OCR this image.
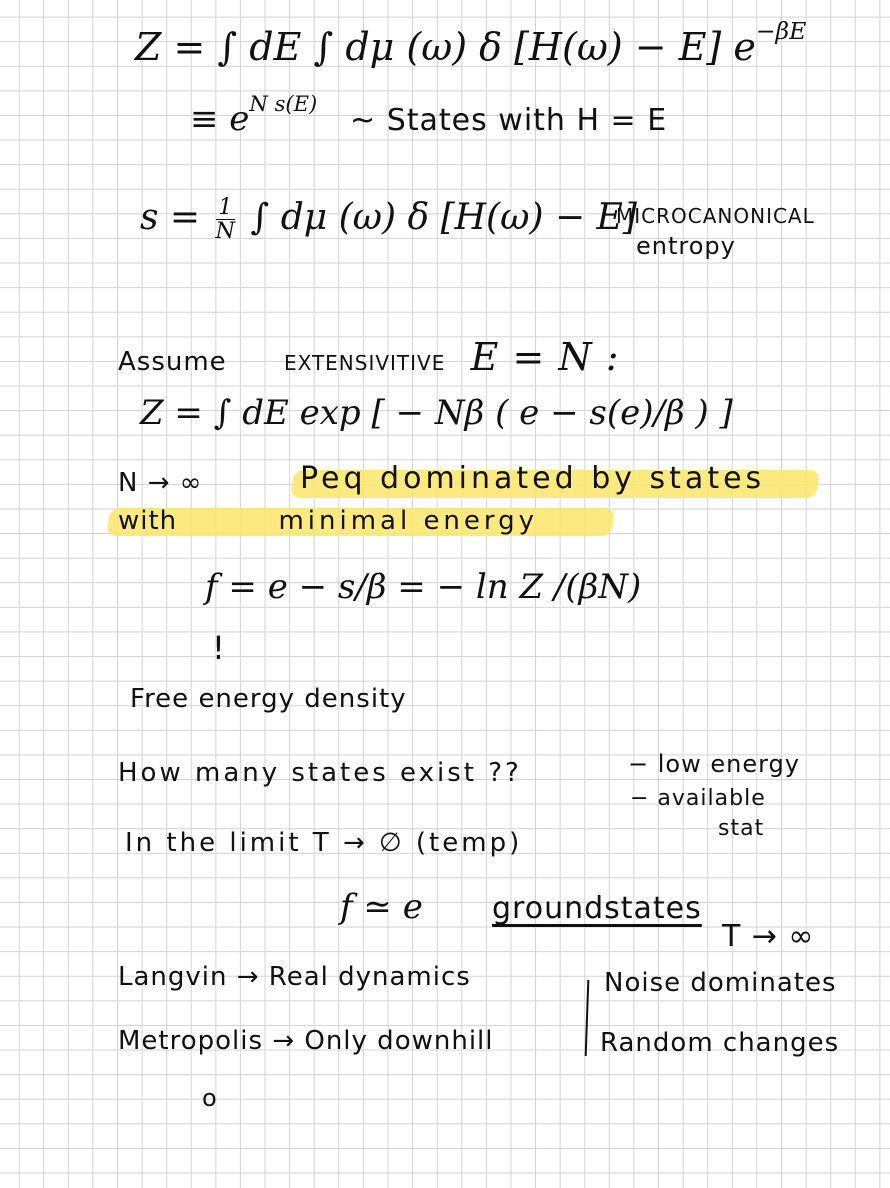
Z = ∫ dE ∫ dμ (ω) δ [H(ω) − E] $e^{-\beta E}$
≡ $e^{N s(E)}$ ~ States with H = E
$s = \frac{1}{N}$ ∫ dμ (ω) δ [H(ω) − E]
MICROCANONICAL
entropy
Assume	EXTENSIVITIVE E = N :
Z = ∫ dE exp [ − Nβ ( e − s(e)/β ) ]
N → ∞	Peq dominated by states
with	minimal energy
f = e − s/β = − ln Z /(βN)
!
Free energy density
How many states exist ??	− low energy
− available
stat
In the limit T → ∅ (temp)
f ≃ e groundstates
T → ∞
Langvin → Real dynamics
Metropolis → Only downhill
Noise dominates
Random changes
o
